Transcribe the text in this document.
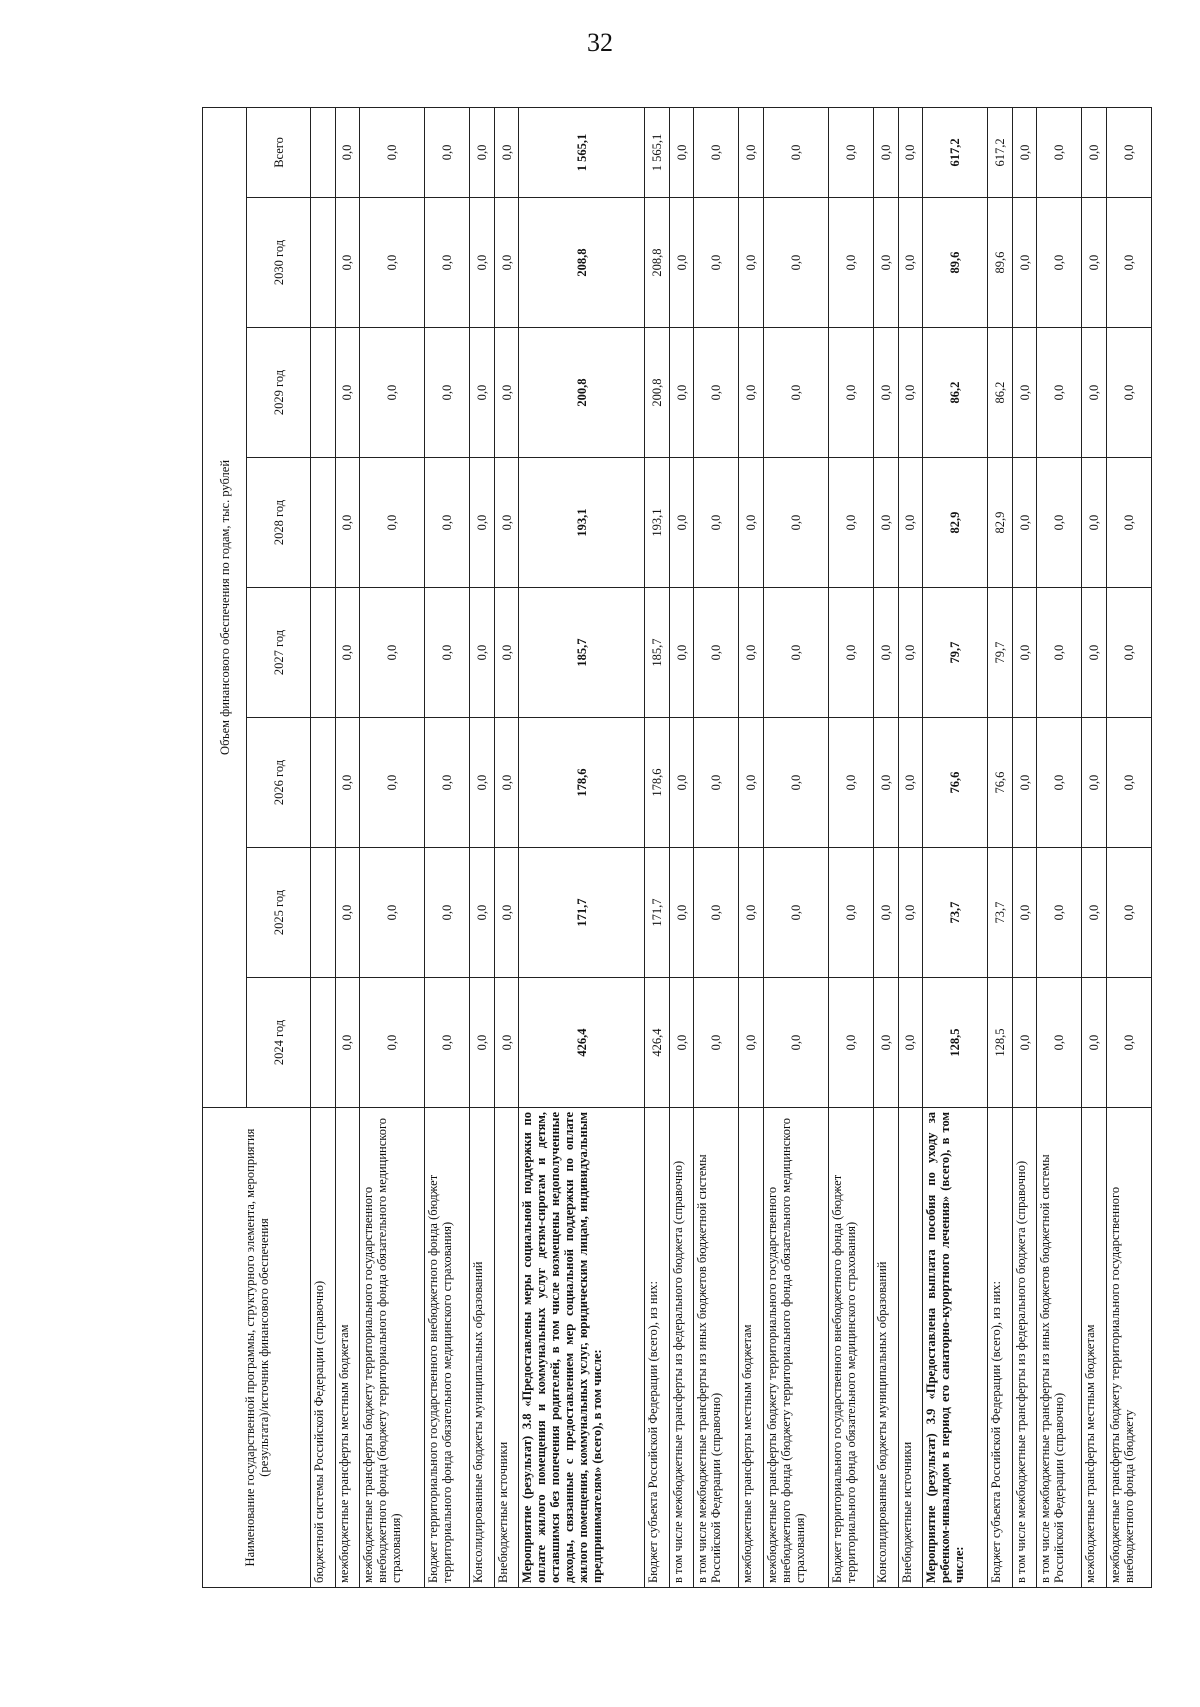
32
Наименование государственной программы, структурного элемента, мероприятия (результата)/источник финансового обеспечения	Объем финансового обеспечения по годам, тыс. рублей							
	2024 год	2025 год	2026 год	2027 год	2028 год	2029 год	2030 год	Всего
бюджетной системы Российской Федерации (справочно)								
межбюджетные трансферты местным бюджетам	0,0	0,0	0,0	0,0	0,0	0,0	0,0	0,0
межбюджетные трансферты бюджету территориального государственного внебюджетного фонда (бюджету территориального фонда обязательного медицинского страхования)	0,0	0,0	0,0	0,0	0,0	0,0	0,0	0,0
Бюджет территориального государственного внебюджетного фонда (бюджет территориального фонда обязательного медицинского страхования)	0,0	0,0	0,0	0,0	0,0	0,0	0,0	0,0
Консолидированные бюджеты муниципальных образований	0,0	0,0	0,0	0,0	0,0	0,0	0,0	0,0
Внебюджетные источники	0,0	0,0	0,0	0,0	0,0	0,0	0,0	0,0
Мероприятие (результат) 3.8 «Предоставлены меры социальной поддержки по оплате жилого помещения и коммунальных услуг детям-сиротам и детям, оставшимся без попечения родителей, в том числе возмещены недополученные доходы, связанные с предоставлением мер социальной поддержки по оплате жилого помещения, коммунальных услуг, юридическим лицам, индивидуальным предпринимателям» (всего), в том числе:	426,4	171,7	178,6	185,7	193,1	200,8	208,8	1 565,1
Бюджет субъекта Российской Федерации (всего), из них:	426,4	171,7	178,6	185,7	193,1	200,8	208,8	1 565,1
в том числе межбюджетные трансферты из федерального бюджета (справочно)	0,0	0,0	0,0	0,0	0,0	0,0	0,0	0,0
в том числе межбюджетные трансферты из иных бюджетов бюджетной системы Российской Федерации (справочно)	0,0	0,0	0,0	0,0	0,0	0,0	0,0	0,0
межбюджетные трансферты местным бюджетам	0,0	0,0	0,0	0,0	0,0	0,0	0,0	0,0
межбюджетные трансферты бюджету территориального государственного внебюджетного фонда (бюджету территориального фонда обязательного медицинского страхования)	0,0	0,0	0,0	0,0	0,0	0,0	0,0	0,0
Бюджет территориального государственного внебюджетного фонда (бюджет территориального фонда обязательного медицинского страхования)	0,0	0,0	0,0	0,0	0,0	0,0	0,0	0,0
Консолидированные бюджеты муниципальных образований	0,0	0,0	0,0	0,0	0,0	0,0	0,0	0,0
Внебюджетные источники	0,0	0,0	0,0	0,0	0,0	0,0	0,0	0,0
Мероприятие (результат) 3.9 «Предоставлена выплата пособия по уходу за ребенком-инвалидом в период его санаторно-курортного лечения» (всего), в том числе:	128,5	73,7	76,6	79,7	82,9	86,2	89,6	617,2
Бюджет субъекта Российской Федерации (всего), из них:	128,5	73,7	76,6	79,7	82,9	86,2	89,6	617,2
в том числе межбюджетные трансферты из федерального бюджета (справочно)	0,0	0,0	0,0	0,0	0,0	0,0	0,0	0,0
в том числе межбюджетные трансферты из иных бюджетов бюджетной системы Российской Федерации (справочно)	0,0	0,0	0,0	0,0	0,0	0,0	0,0	0,0
межбюджетные трансферты местным бюджетам	0,0	0,0	0,0	0,0	0,0	0,0	0,0	0,0
межбюджетные трансферты бюджету территориального государственного внебюджетного фонда (бюджету	0,0	0,0	0,0	0,0	0,0	0,0	0,0	0,0
